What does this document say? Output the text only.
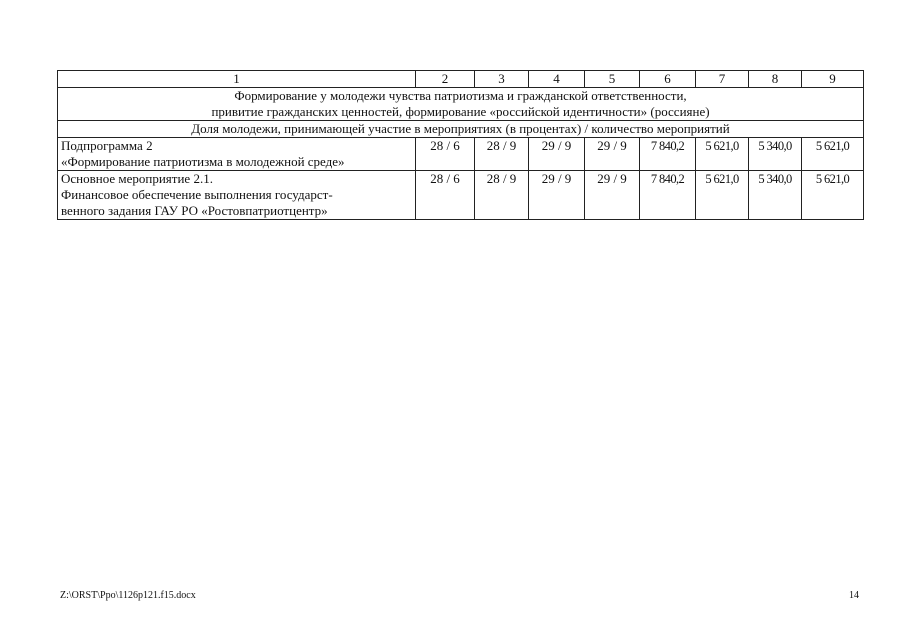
1	2	3	4	5	6	7	8	9

Формирование у молодежи чувства патриотизма и гражданской ответственности,
привитие гражданских ценностей, формирование «российской идентичности» (россияне)								

Доля молодежи, принимающей участие в мероприятиях (в процентах) / количество мероприятий								

Подпрограмма 2
«Формирование патриотизма в молодежной среде»	28 / 6	28 / 9	29 / 9	29 / 9	7 840,2	5 621,0	5 340,0	5 621,0

Основное мероприятие 2.1.
Финансовое обеспечение выполнения государст-
венного задания ГАУ РО «Ростовпатриотцентр»	28 / 6	28 / 9	29 / 9	29 / 9	7 840,2	5 621,0	5 340,0	5 621,0
Z:\ORST\Ppo\1126p121.f15.docx	14
